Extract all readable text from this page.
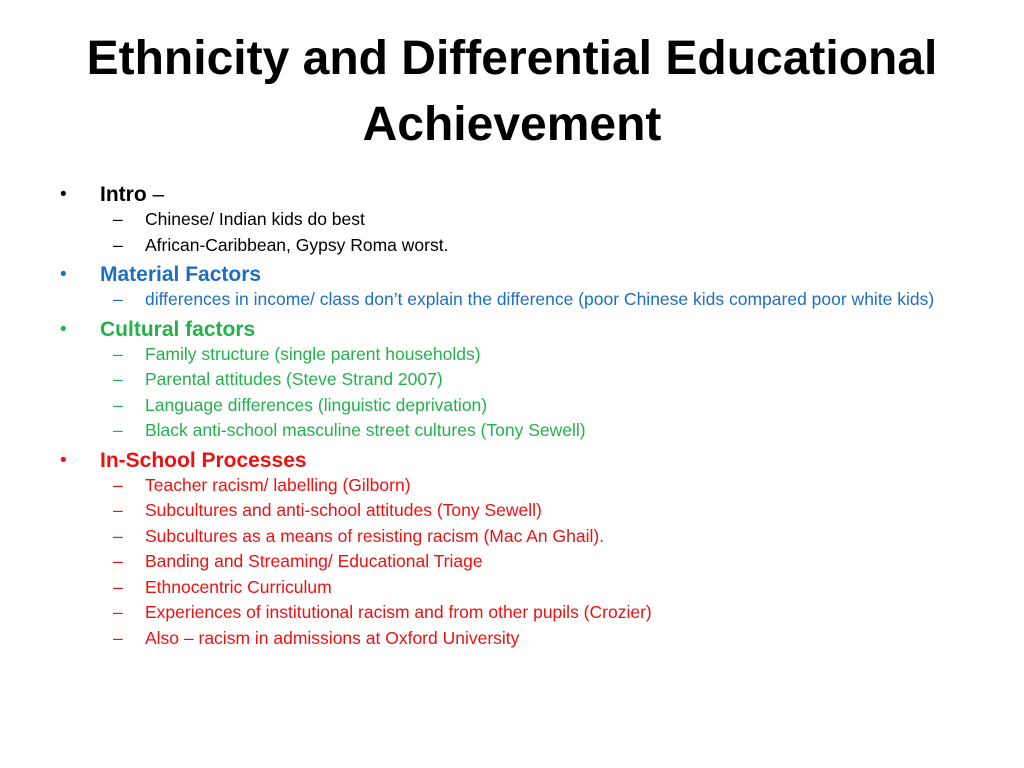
Ethnicity and Differential Educational Achievement
• Intro –
– Chinese/ Indian kids do best
– African-Caribbean, Gypsy Roma worst.
• Material Factors
– differences in income/ class don’t explain the difference (poor Chinese kids compared poor white kids)
• Cultural factors
– Family structure (single parent households)
– Parental attitudes (Steve Strand 2007)
– Language differences (linguistic deprivation)
– Black anti-school masculine street cultures (Tony Sewell)
• In-School Processes
– Teacher racism/ labelling (Gilborn)
– Subcultures and anti-school attitudes (Tony Sewell)
– Subcultures as a means of resisting racism (Mac An Ghail).
– Banding and Streaming/ Educational Triage
– Ethnocentric Curriculum
– Experiences of institutional racism and from other pupils (Crozier)
– Also – racism in admissions at Oxford University
